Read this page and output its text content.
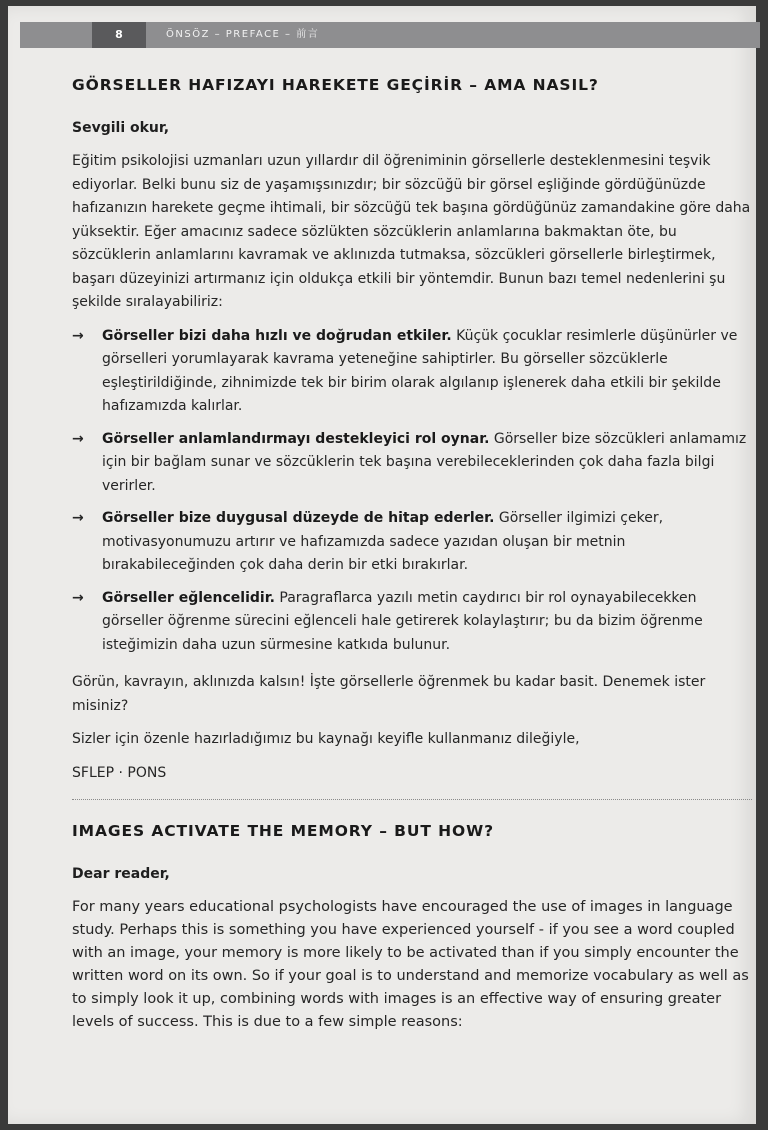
8	ÖNSÖZ – PREFACE – 前言
GÖRSELLER HAFIZAYI HAREKETE GEÇİRİR – AMA NASIL?

Sevgili okur,

Eğitim psikolojisi uzmanları uzun yıllardır dil öğreniminin görsellerle desteklenmesini teşvik ediyorlar. Belki bunu siz de yaşamışsınızdır; bir sözcüğü bir görsel eşliğinde gördüğünüzde hafızanızın harekete geçme ihtimali, bir sözcüğü tek başına gördüğünüz zamandakine göre daha yüksektir. Eğer amacınız sadece sözlükten sözcüklerin anlamlarına bakmaktan öte, bu sözcüklerin anlamlarını kavramak ve aklınızda tutmaksa, sözcükleri görsellerle birleştirmek, başarı düzeyinizi artırmanız için oldukça etkili bir yöntemdir. Bunun bazı temel nedenlerini şu şekilde sıralayabiliriz:

→ Görseller bizi daha hızlı ve doğrudan etkiler. Küçük çocuklar resimlerle düşünürler ve görselleri yorumlayarak kavrama yeteneğine sahiptirler. Bu görseller sözcüklerle eşleştirildiğinde, zihnimizde tek bir birim olarak algılanıp işlenerek daha etkili bir şekilde hafızamızda kalırlar.
→ Görseller anlamlandırmayı destekleyici rol oynar. Görseller bize sözcükleri anlamamız için bir bağlam sunar ve sözcüklerin tek başına verebileceklerinden çok daha fazla bilgi verirler.
→ Görseller bize duygusal düzeyde de hitap ederler. Görseller ilgimizi çeker, motivasyonumuzu artırır ve hafızamızda sadece yazıdan oluşan bir metnin bırakabileceğinden çok daha derin bir etki bırakırlar.
→ Görseller eğlencelidir. Paragraflarca yazılı metin caydırıcı bir rol oynayabilecekken görseller öğrenme sürecini eğlenceli hale getirerek kolaylaştırır; bu da bizim öğrenme isteğimizin daha uzun sürmesine katkıda bulunur.

Görün, kavrayın, aklınızda kalsın! İşte görsellerle öğrenmek bu kadar basit. Denemek ister misiniz?

Sizler için özenle hazırladığımız bu kaynağı keyifle kullanmanız dileğiyle,

SFLEP · PONS

IMAGES ACTIVATE THE MEMORY – BUT HOW?

Dear reader,

For many years educational psychologists have encouraged the use of images in language study. Perhaps this is something you have experienced yourself - if you see a word coupled with an image, your memory is more likely to be activated than if you simply encounter the written word on its own. So if your goal is to understand and memorize vocabulary as well as to simply look it up, combining words with images is an effective way of ensuring greater levels of success. This is due to a few simple reasons:
